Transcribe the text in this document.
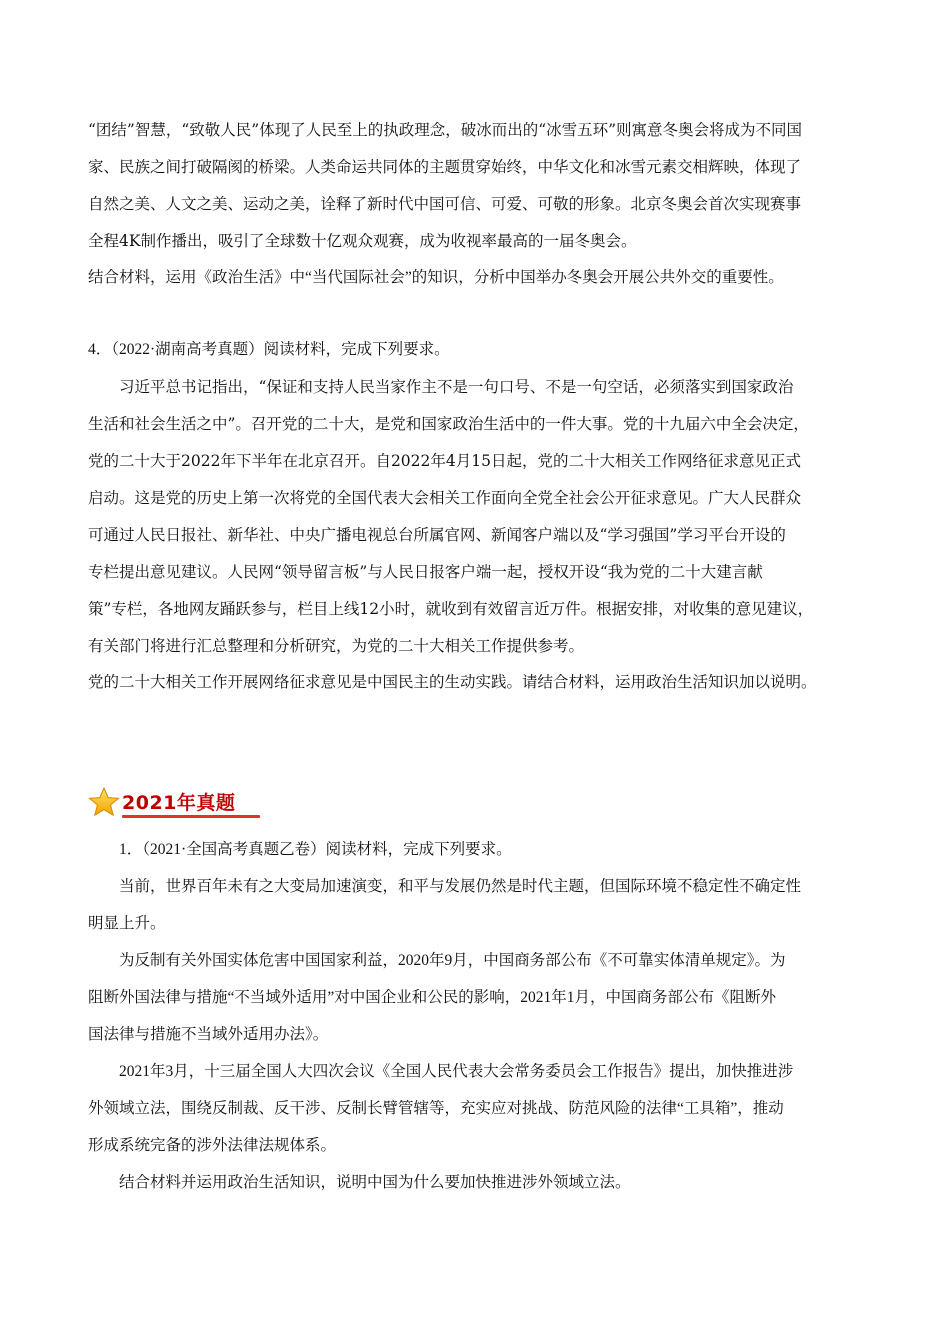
“团结”智慧，“致敬人民”体现了人民至上的执政理念，破冰而出的“冰雪五环”则寓意冬奥会将成为不同国
家、民族之间打破隔阂的桥梁。人类命运共同体的主题贯穿始终，中华文化和冰雪元素交相辉映，体现了
自然之美、人文之美、运动之美，诠释了新时代中国可信、可爱、可敬的形象。北京冬奥会首次实现赛事
全程4K制作播出，吸引了全球数十亿观众观赛，成为收视率最高的一届冬奥会。
结合材料，运用《政治生活》中“当代国际社会”的知识，分析中国举办冬奥会开展公共外交的重要性。
4．（2022·湖南高考真题）阅读材料，完成下列要求。
习近平总书记指出，“保证和支持人民当家作主不是一句口号、不是一句空话，必须落实到国家政治
生活和社会生活之中”。召开党的二十大，是党和国家政治生活中的一件大事。党的十九届六中全会决定，
党的二十大于2022年下半年在北京召开。自2022年4月15日起，党的二十大相关工作网络征求意见正式
启动。这是党的历史上第一次将党的全国代表大会相关工作面向全党全社会公开征求意见。广大人民群众
可通过人民日报社、新华社、中央广播电视总台所属官网、新闻客户端以及“学习强国”学习平台开设的
专栏提出意见建议。人民网“领导留言板”与人民日报客户端一起，授权开设“我为党的二十大建言献
策”专栏，各地网友踊跃参与，栏目上线12小时，就收到有效留言近万件。根据安排，对收集的意见建议，
有关部门将进行汇总整理和分析研究，为党的二十大相关工作提供参考。
党的二十大相关工作开展网络征求意见是中国民主的生动实践。请结合材料，运用政治生活知识加以说明。
2021年真题
1．（2021·全国高考真题乙卷）阅读材料，完成下列要求。
当前，世界百年未有之大变局加速演变，和平与发展仍然是时代主题，但国际环境不稳定性不确定性
明显上升。
为反制有关外国实体危害中国国家利益，2020年9月，中国商务部公布《不可靠实体清单规定》。为
阻断外国法律与措施“不当域外适用”对中国企业和公民的影响，2021年1月，中国商务部公布《阻断外
国法律与措施不当域外适用办法》。
2021年3月，十三届全国人大四次会议《全国人民代表大会常务委员会工作报告》提出，加快推进涉
外领域立法，围绕反制裁、反干涉、反制长臂管辖等，充实应对挑战、防范风险的法律“工具箱”，推动
形成系统完备的涉外法律法规体系。
结合材料并运用政治生活知识，说明中国为什么要加快推进涉外领域立法。
